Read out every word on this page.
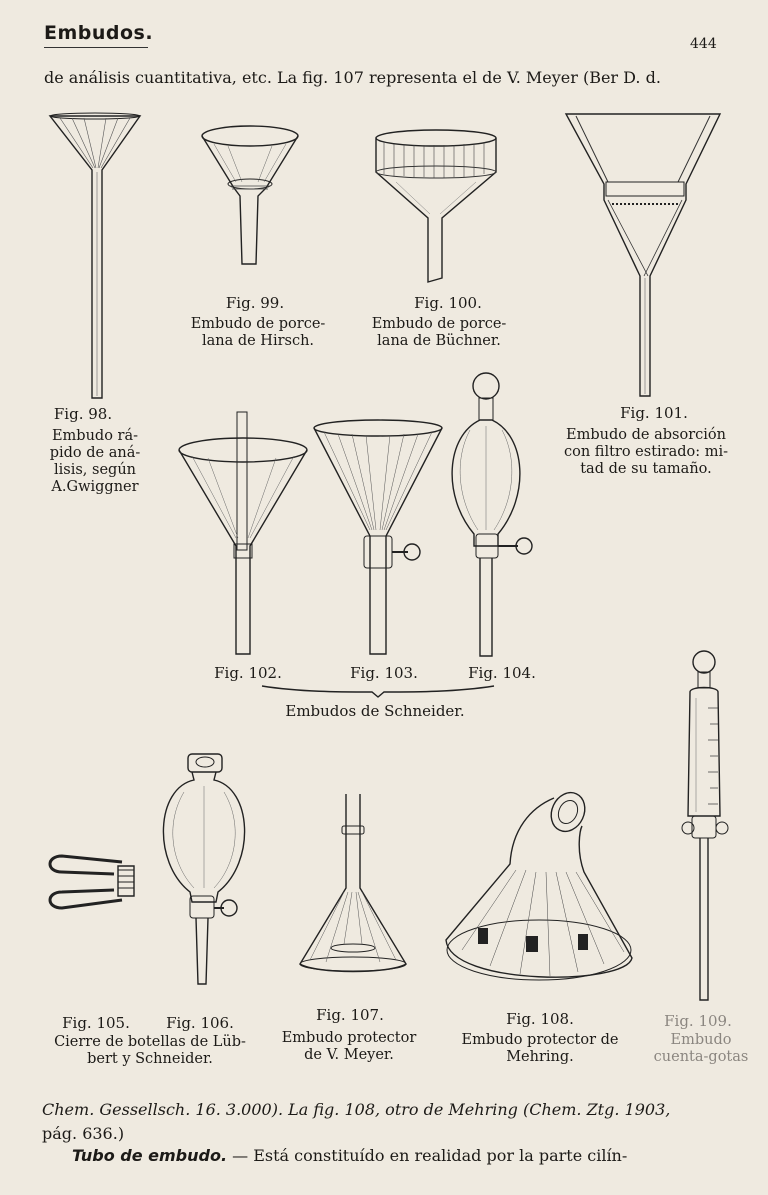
Embudos.	444
de análisis cuantitativa, etc. La fig. 107 representa el de V. Meyer (Ber D. d.
Fig. 98.
Embudo rá-
pido de aná-
lisis, según
A.Gwiggner
Fig. 99.
Embudo de porce-
lana de Hirsch.
Fig. 100.
Embudo de porce-
lana de Büchner.
Fig. 101.
Embudo de absorción
con filtro estirado: mi-
tad de su tamaño.
Fig. 102.	Fig. 103.	Fig. 104.
Embudos de Schneider.
Fig. 105.	Fig. 106.
Cierre de botellas de Lüb-
bert y Schneider.
Fig. 107.
Embudo protector
de V. Meyer.
Fig. 108.
Embudo protector de
Mehring.
Fig. 109.
Embudo
cuenta-gotas
Chem. Gessellsch. 16. 3.000). La fig. 108, otro de Mehring (Chem. Ztg. 1903,
pág. 636.)
Tubo de embudo. — Está constituído en realidad por la parte cilín-
